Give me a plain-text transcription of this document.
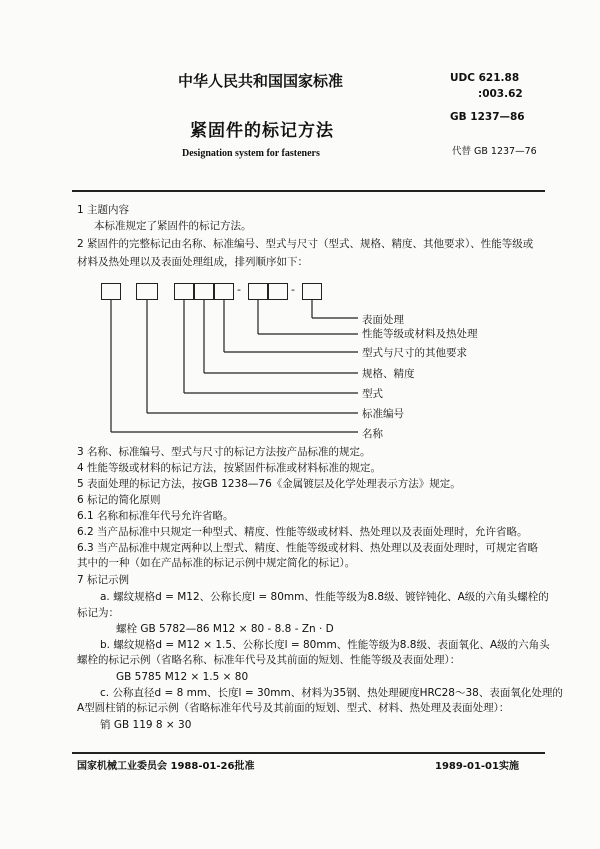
中华人民共和国国家标准
紧固件的标记方法
Designation system for fasteners
UDC 621.88
:003.62
GB 1237—86
代替 GB 1237—76
1 主题内容
本标准规定了紧固件的标记方法。
2 紧固件的完整标记由名称、标准编号、型式与尺寸（型式、规格、精度、其他要求）、性能等级或
材料及热处理以及表面处理组成，排列顺序如下：
-	-
表面处理
性能等级或材料及热处理
型式与尺寸的其他要求
规格、精度
型式
标准编号
名称
3 名称、标准编号、型式与尺寸的标记方法按产品标准的规定。
4 性能等级或材料的标记方法，按紧固件标准或材料标准的规定。
5 表面处理的标记方法，按GB 1238—76《金属镀层及化学处理表示方法》规定。
6 标记的简化原则
6.1 名称和标准年代号允许省略。
6.2 当产品标准中只规定一种型式、精度、性能等级或材料、热处理以及表面处理时，允许省略。
6.3 当产品标准中规定两种以上型式、精度、性能等级或材料、热处理以及表面处理时，可规定省略
其中的一种（如在产品标准的标记示例中规定简化的标记）。
7 标记示例
a. 螺纹规格d = M12、公称长度l = 80mm、性能等级为8.8级、镀锌钝化、A级的六角头螺栓的
标记为：
螺栓 GB 5782—86 M12 × 80 - 8.8 - Zn · D
b. 螺纹规格d = M12 × 1.5、公称长度l = 80mm、性能等级为8.8级、表面氧化、A级的六角头
螺栓的标记示例（省略名称、标准年代号及其前面的短划、性能等级及表面处理）：
GB 5785 M12 × 1.5 × 80
c. 公称直径d = 8 mm、长度l = 30mm、材料为35钢、热处理硬度HRC28～38、表面氧化处理的
A型圆柱销的标记示例（省略标准年代号及其前面的短划、型式、材料、热处理及表面处理）：
销 GB 119 8 × 30
国家机械工业委员会 1988-01-26批准	1989-01-01实施
